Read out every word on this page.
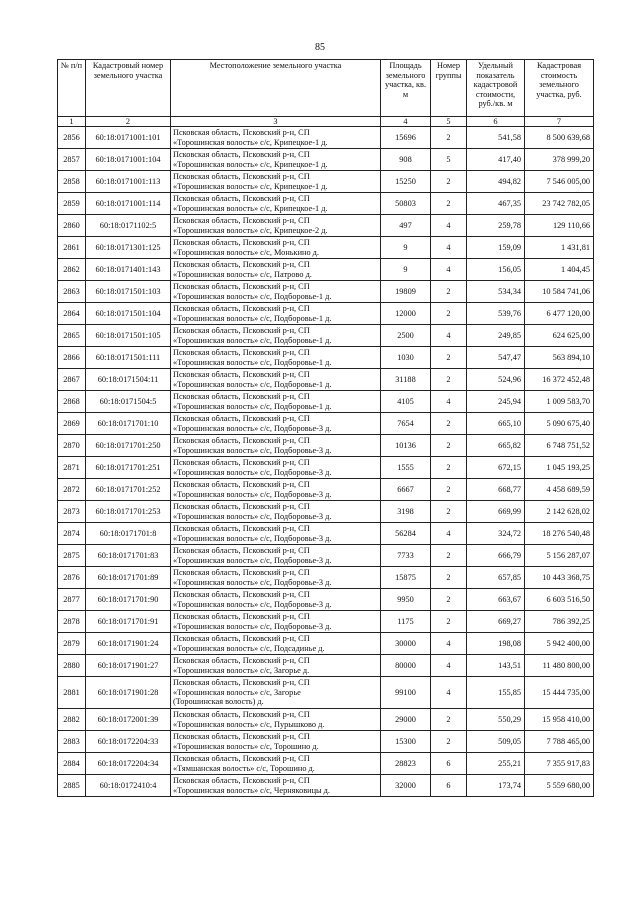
85
№ п/п	Кадастровый номер земельного участка	Местоположение земельного участка	Площадь земельного участка, кв. м	Номер группы	Удельный показатель кадастровой стоимости, руб./кв. м	Кадастровая стоимость земельного участка, руб.
1	2	3	4	5	6	7
2856	60:18:0171001:101	Псковская область, Псковский р-н, СП
«Торошинская волость» с/с, Крипецкое-1 д.	15696	2	541,58	8 500 639,68
2857	60:18:0171001:104	Псковская область, Псковский р-н, СП
«Торошинская волость» с/с, Крипецкое-1 д.	908	5	417,40	378 999,20
2858	60:18:0171001:113	Псковская область, Псковский р-н, СП
«Торошинская волость» с/с, Крипецкое-1 д.	15250	2	494,82	7 546 005,00
2859	60:18:0171001:114	Псковская область, Псковский р-н, СП
«Торошинская волость» с/с, Крипецкое-1 д.	50803	2	467,35	23 742 782,05
2860	60:18:0171102:5	Псковская область, Псковский р-н, СП
«Торошинская волость» с/с, Крипецкое-2 д.	497	4	259,78	129 110,66
2861	60:18:0171301:125	Псковская область, Псковский р-н, СП
«Торошинская волость» с/с, Монькино д.	9	4	159,09	1 431,81
2862	60:18:0171401:143	Псковская область, Псковский р-н, СП
«Торошинская волость» с/с, Патрово д.	9	4	156,05	1 404,45
2863	60:18:0171501:103	Псковская область, Псковский р-н, СП
«Торошинская волость» с/с, Подборовье-1 д.	19809	2	534,34	10 584 741,06
2864	60:18:0171501:104	Псковская область, Псковский р-н, СП
«Торошинская волость» с/с, Подборовье-1 д.	12000	2	539,76	6 477 120,00
2865	60:18:0171501:105	Псковская область, Псковский р-н, СП
«Торошинская волость» с/с, Подборовье-1 д.	2500	4	249,85	624 625,00
2866	60:18:0171501:111	Псковская область, Псковский р-н, СП
«Торошинская волость» с/с, Подборовье-1 д.	1030	2	547,47	563 894,10
2867	60:18:0171504:11	Псковская область, Псковский р-н, СП
«Торошинская волость» с/с, Подборовье-1 д.	31188	2	524,96	16 372 452,48
2868	60:18:0171504:5	Псковская область, Псковский р-н, СП
«Торошинская волость» с/с, Подборовье-1 д.	4105	4	245,94	1 009 583,70
2869	60:18:0171701:10	Псковская область, Псковский р-н, СП
«Торошинская волость» с/с, Подборовье-3 д.	7654	2	665,10	5 090 675,40
2870	60:18:0171701:250	Псковская область, Псковский р-н, СП
«Торошинская волость» с/с, Подборовье-3 д.	10136	2	665,82	6 748 751,52
2871	60:18:0171701:251	Псковская область, Псковский р-н, СП
«Торошинская волость» с/с, Подборовье-3 д.	1555	2	672,15	1 045 193,25
2872	60:18:0171701:252	Псковская область, Псковский р-н, СП
«Торошинская волость» с/с, Подборовье-3 д.	6667	2	668,77	4 458 689,59
2873	60:18:0171701:253	Псковская область, Псковский р-н, СП
«Торошинская волость» с/с, Подборовье-3 д.	3198	2	669,99	2 142 628,02
2874	60:18:0171701:8	Псковская область, Псковский р-н, СП
«Торошинская волость» с/с, Подборовье-3 д.	56284	4	324,72	18 276 540,48
2875	60:18:0171701:83	Псковская область, Псковский р-н, СП
«Торошинская волость» с/с, Подборовье-3 д.	7733	2	666,79	5 156 287,07
2876	60:18:0171701:89	Псковская область, Псковский р-н, СП
«Торошинская волость» с/с, Подборовье-3 д.	15875	2	657,85	10 443 368,75
2877	60:18:0171701:90	Псковская область, Псковский р-н, СП
«Торошинская волость» с/с, Подборовье-3 д.	9950	2	663,67	6 603 516,50
2878	60:18:0171701:91	Псковская область, Псковский р-н, СП
«Торошинская волость» с/с, Подборовье-3 д.	1175	2	669,27	786 392,25
2879	60:18:0171901:24	Псковская область, Псковский р-н, СП
«Торошинская волость» с/с, Подсадинье д.	30000	4	198,08	5 942 400,00
2880	60:18:0171901:27	Псковская область, Псковский р-н, СП
«Торошинская волость» с/с, Загорье д.	80000	4	143,51	11 480 800,00
2881	60:18:0171901:28	Псковская область, Псковский р-н, СП
«Торошинская волость» с/с, Загорье
(Торошинская волость) д.	99100	4	155,85	15 444 735,00
2882	60:18:0172001:39	Псковская область, Псковский р-н, СП
«Торошинская волость» с/с, Пурышково д.	29000	2	550,29	15 958 410,00
2883	60:18:0172204:33	Псковская область, Псковский р-н, СП
«Торошинская волость» с/с, Торошино д.	15300	2	509,05	7 788 465,00
2884	60:18:0172204:34	Псковская область, Псковский р-н, СП
«Тямшанская волость» с/с, Торошино д.	28823	6	255,21	7 355 917,83
2885	60:18:0172410:4	Псковская область, Псковский р-н, СП
«Торошинская волость» с/с, Черняковицы д.	32000	6	173,74	5 559 680,00
